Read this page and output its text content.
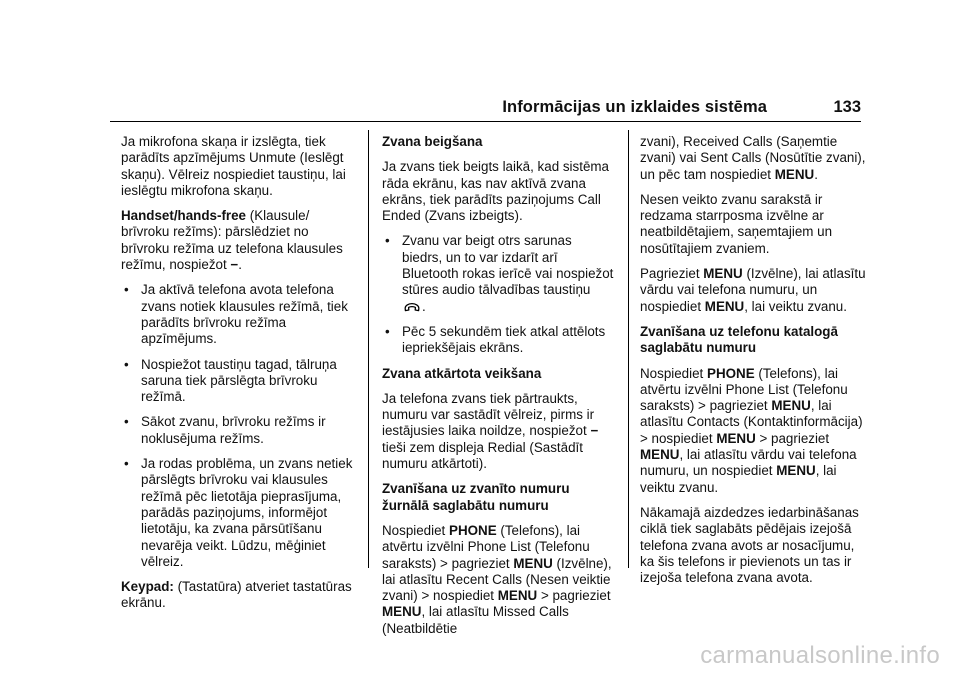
Informācijas un izklaides sistēma	133

Ja mikrofona skaņa ir izslēgta, tiek parādīts apzīmējums Unmute (Ieslēgt skaņu). Vēlreiz nospiediet taustiņu, lai ieslēgtu mikrofona skaņu.

Handset/hands-free (Klausule/ brīvroku režīms): pārslēdziet no brīvroku režīma uz telefona klausules režīmu, nospiežot −.

• Ja aktīvā telefona avota telefona zvans notiek klausules režīmā, tiek parādīts brīvroku režīma apzīmējums.
• Nospiežot taustiņu tagad, tālruņa saruna tiek pārslēgta brīvroku režīmā.
• Sākot zvanu, brīvroku režīms ir noklusējuma režīms.
• Ja rodas problēma, un zvans netiek pārslēgts brīvroku vai klausules režīmā pēc lietotāja pieprasījuma, parādās paziņojums, informējot lietotāju, ka zvana pārsūtīšanu nevarēja veikt. Lūdzu, mēģiniet vēlreiz.

Keypad: (Tastatūra) atveriet tastatūras ekrānu.

Zvana beigšana

Ja zvans tiek beigts laikā, kad sistēma rāda ekrānu, kas nav aktīvā zvana ekrāns, tiek parādīts paziņojums Call Ended (Zvans izbeigts).

• Zvanu var beigt otrs sarunas biedrs, un to var izdarīt arī Bluetooth rokas ierīcē vai nospiežot stūres audio tālvadības taustiņu .
• Pēc 5 sekundēm tiek atkal attēlots iepriekšējais ekrāns.

Zvana atkārtota veikšana

Ja telefona zvans tiek pārtraukts, numuru var sastādīt vēlreiz, pirms ir iestājusies laika noildze, nospiežot − tieši zem displeja Redial (Sastādīt numuru atkārtoti).

Zvanīšana uz zvanīto numuru žurnālā saglabātu numuru

Nospiediet PHONE (Telefons), lai atvērtu izvēlni Phone List (Telefonu saraksts) > pagrieziet MENU (Izvēlne), lai atlasītu Recent Calls (Nesen veiktie zvani) > nospiediet MENU > pagrieziet MENU, lai atlasītu Missed Calls (Neatbildētie

zvani), Received Calls (Saņemtie zvani) vai Sent Calls (Nosūtītie zvani), un pēc tam nospiediet MENU.

Nesen veikto zvanu sarakstā ir redzama starrposma izvēlne ar neatbildētajiem, saņemtajiem un nosūtītajiem zvaniem.

Pagrieziet MENU (Izvēlne), lai atlasītu vārdu vai telefona numuru, un nospiediet MENU, lai veiktu zvanu.

Zvanīšana uz telefonu katalogā saglabātu numuru

Nospiediet PHONE (Telefons), lai atvērtu izvēlni Phone List (Telefonu saraksts) > pagrieziet MENU, lai atlasītu Contacts (Kontaktinformācija) > nospiediet MENU > pagrieziet MENU, lai atlasītu vārdu vai telefona numuru, un nospiediet MENU, lai veiktu zvanu.

Nākamajā aizdedzes iedarbināšanas ciklā tiek saglabāts pēdējais izejošā telefona zvana avots ar nosacījumu, ka šis telefons ir pievienots un tas ir izejoša telefona zvana avota.

carmanualsonline.info
